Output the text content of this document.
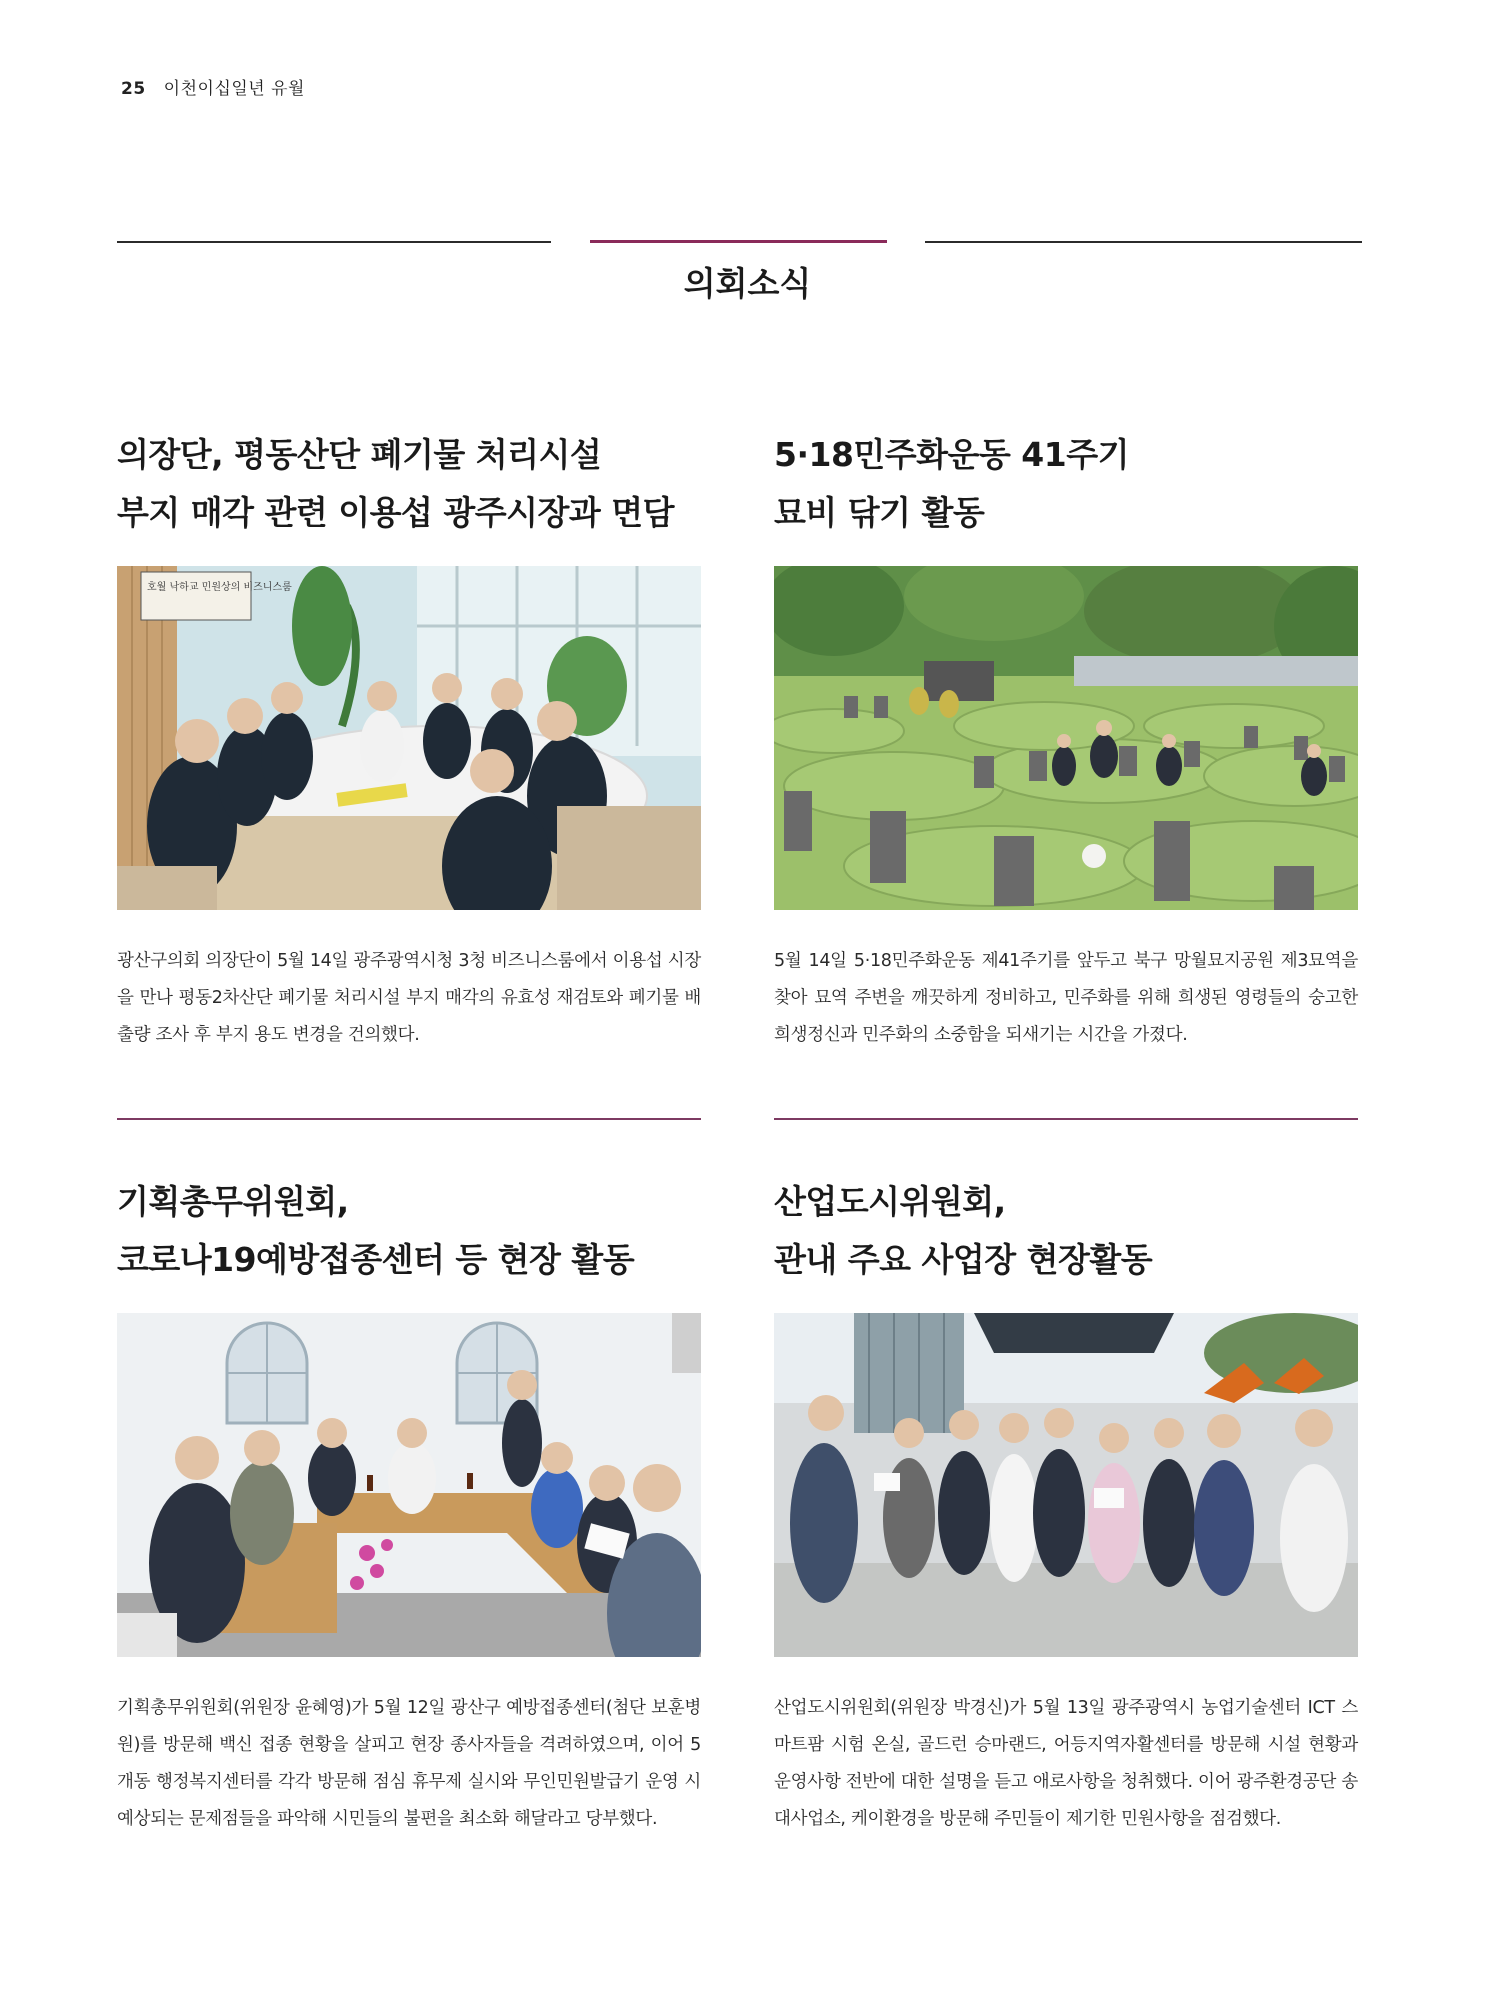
25 이천이십일년 유월
의회소식
의장단, 평동산단 폐기물 처리시설
부지 매각 관련 이용섭 광주시장과 면담
호월 낙하교 민원상의 비즈니스룸

광산구의회 의장단이 5월 14일 광주광역시청 3청 비즈니스룸에서 이용섭 시장을 만나 평동2차산단 폐기물 처리시설 부지 매각의 유효성 재검토와 폐기물 배출량 조사 후 부지 용도 변경을 건의했다.

5·18민주화운동 41주기
묘비 닦기 활동

5월 14일 5·18민주화운동 제41주기를 앞두고 북구 망월묘지공원 제3묘역을 찾아 묘역 주변을 깨끗하게 정비하고, 민주화를 위해 희생된 영령들의 숭고한 희생정신과 민주화의 소중함을 되새기는 시간을 가졌다.

기획총무위원회,
코로나19예방접종센터 등 현장 활동

기획총무위원회(위원장 윤혜영)가 5월 12일 광산구 예방접종센터(첨단 보훈병원)를 방문해 백신 접종 현황을 살피고 현장 종사자들을 격려하였으며, 이어 5개동 행정복지센터를 각각 방문해 점심 휴무제 실시와 무인민원발급기 운영 시 예상되는 문제점들을 파악해 시민들의 불편을 최소화 해달라고 당부했다.

산업도시위원회,
관내 주요 사업장 현장활동

산업도시위원회(위원장 박경신)가 5월 13일 광주광역시 농업기술센터 ICT 스마트팜 시험 온실, 골드런 승마랜드, 어등지역자활센터를 방문해 시설 현황과 운영사항 전반에 대한 설명을 듣고 애로사항을 청취했다. 이어 광주환경공단 송대사업소, 케이환경을 방문해 주민들이 제기한 민원사항을 점검했다.
